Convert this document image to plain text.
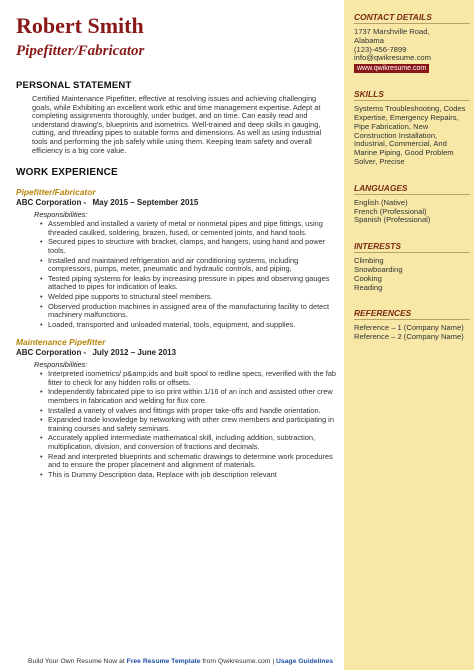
Robert Smith
Pipefitter/Fabricator
PERSONAL STATEMENT
Certified Maintenance Pipefitter, effective at resolving issues and achieving challenging goals, while Exhibiting an excellent work ethic and time management expertise. Adept at completing assignments thoroughly, under budget, and on time. Can easily read and understand drawing's, blueprints and isometrics. Well-trained and deep skills in gauging, cutting, and threading pipes to suitable forms and dimensions. As well as using industrial tools and performing the job safely while using them. Keeping team safety and overall efficiency is a big core value.
WORK EXPERIENCE
Pipefitter/Fabricator
ABC Corporation - May 2015 – September 2015
Responsibilities:
• Assembled and installed a variety of metal or nonmetal pipes and pipe fittings, using threaded caulked, soldering, brazen, fused, or cemented joints, and hand tools.
• Secured pipes to structure with bracket, clamps, and hangers, using hand and power tools.
• Installed and maintained refrigeration and air conditioning systems, including compressors, pumps, meter, pneumatic and hydraulic controls, and piping,
• Tested piping systems for leaks by increasing pressure in pipes and observing gauges attached to pipes for indication of leaks.
• Welded pipe supports to structural steel members.
• Observed production machines in assigned area of the manufacturing facility to detect machinery malfunctions.
• Loaded, transported and unloaded material, tools, equipment, and supplies.
Maintenance Pipefitter
ABC Corporation - July 2012 – June 2013
Responsibilities:
• Interpreted isometrics/ p&amp;ids and built spool to redline specs, reverified with the fab fitter to check for any hidden rolls or offsets.
• Independently fabricated pipe to iso print within 1/16 of an inch and assisted other crew members in fabrication and welding for flux core.
• Installed a variety of valves and fittings with proper take-offs and handle orientation.
• Expanded trade knowledge by networking with other crew members and participating in training courses and safety seminars.
• Accurately applied intermediate mathematical skill, including addition, subtraction, multiplication, division, and conversion of fractions and decimals.
• Read and interpreted blueprints and schematic drawings to determine work procedures and to ensure the proper placement and alignment of materials.
• This is Dummy Description data, Replace with job description relevant
CONTACT DETAILS
1737 Marshville Road,
Alabama
(123)-456-7899
info@qwikresume.com
www.qwikresume.com
SKILLS
Systems Troubleshooting, Codes Expertise, Emergency Repairs, Pipe Fabrication, New Construction Installation, Industrial, Commercial, And Marine Piping, Good Problem Solver, Precise
LANGUAGES
English (Native)
French (Professional)
Spanish (Professional)
INTERESTS
Climbing
Snowboarding
Cooking
Reading
REFERENCES
Reference – 1 (Company Name)
Reference – 2 (Company Name)
Build Your Own Resume Now at Free Resume Template from Qwikresume.com | Usage Guidelines
